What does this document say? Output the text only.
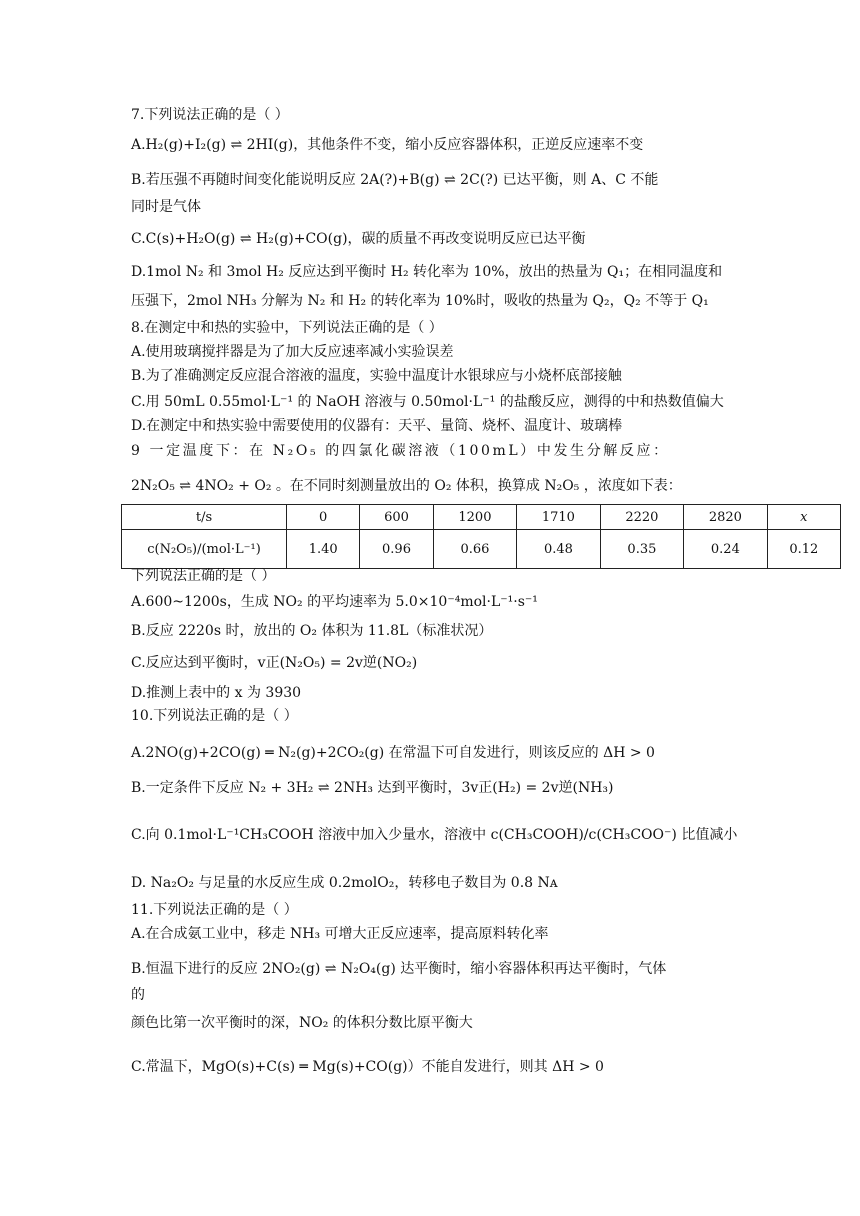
7.下列说法正确的是（ ）
A.H₂(g)+I₂(g) ⇌ 2HI(g)，其他条件不变，缩小反应容器体积，正逆反应速率不变
B.若压强不再随时间变化能说明反应 2A(?)+B(g) ⇌ 2C(?) 已达平衡，则 A、C 不能
同时是气体
C.C(s)+H₂O(g) ⇌ H₂(g)+CO(g)，碳的质量不再改变说明反应已达平衡
D.1mol N₂ 和 3mol H₂ 反应达到平衡时 H₂ 转化率为 10%，放出的热量为 Q₁；在相同温度和
压强下，2mol NH₃ 分解为 N₂ 和 H₂ 的转化率为 10%时，吸收的热量为 Q₂，Q₂ 不等于 Q₁
8.在测定中和热的实验中，下列说法正确的是（ ）
A.使用玻璃搅拌器是为了加大反应速率减小实验误差
B.为了准确测定反应混合溶液的温度，实验中温度计水银球应与小烧杯底部接触
C.用 50mL 0.55mol·L⁻¹ 的 NaOH 溶液与 0.50mol·L⁻¹ 的盐酸反应，测得的中和热数值偏大
D.在测定中和热实验中需要使用的仪器有：天平、量筒、烧杯、温度计、玻璃棒
9 一定温度下：在 N₂O₅ 的四氯化碳溶液（100mL）中发生分解反应：
2N₂O₅ ⇌ 4NO₂ + O₂ 。在不同时刻测量放出的 O₂ 体积，换算成 N₂O₅ ，浓度如下表：
t/s	0	600	1200	1710	2220	2820	x
c(N₂O₅)/(mol·L⁻¹)	1.40	0.96	0.66	0.48	0.35	0.24	0.12
下列说法正确的是（ ）
A.600~1200s，生成 NO₂ 的平均速率为 5.0×10⁻⁴mol·L⁻¹·s⁻¹
B.反应 2220s 时，放出的 O₂ 体积为 11.8L（标准状况）
C.反应达到平衡时，v正(N₂O₅) = 2v逆(NO₂)
D.推测上表中的 x 为 3930
10.下列说法正确的是（ ）
A.2NO(g)+2CO(g) ═ N₂(g)+2CO₂(g) 在常温下可自发进行，则该反应的 ΔH > 0
B.一定条件下反应 N₂ + 3H₂ ⇌ 2NH₃ 达到平衡时，3v正(H₂) = 2v逆(NH₃)
C.向 0.1mol·L⁻¹CH₃COOH 溶液中加入少量水，溶液中 c(CH₃COOH)/c(CH₃COO⁻) 比值减小
D. Na₂O₂ 与足量的水反应生成 0.2molO₂，转移电子数目为 0.8 Nᴀ
11.下列说法正确的是（ ）
A.在合成氨工业中，移走 NH₃ 可增大正反应速率，提高原料转化率
B.恒温下进行的反应 2NO₂(g) ⇌ N₂O₄(g) 达平衡时，缩小容器体积再达平衡时，气体
的
颜色比第一次平衡时的深，NO₂ 的体积分数比原平衡大
C.常温下，MgO(s)+C(s) ═ Mg(s)+CO(g)）不能自发进行，则其 ΔH > 0
